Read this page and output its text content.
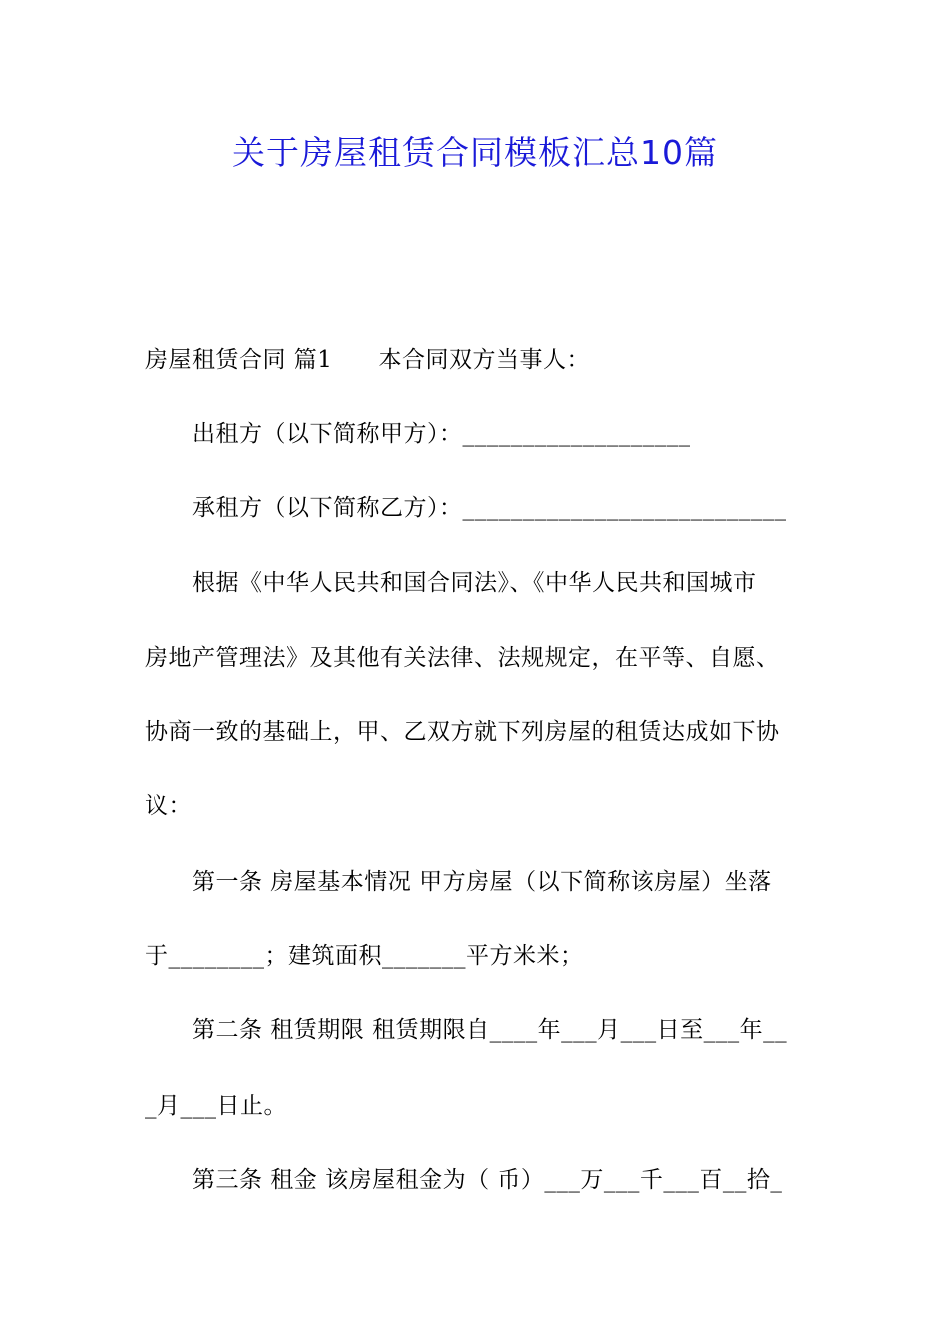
关于房屋租赁合同模板汇总10篇
房屋租赁合同 篇1 本合同双方当事人：
出租方（以下简称甲方）：___________________
承租方（以下简称乙方）：___________________________
根据《中华人民共和国合同法》、《中华人民共和国城市
房地产管理法》及其他有关法律、法规规定，在平等、自愿、
协商一致的基础上，甲、乙双方就下列房屋的租赁达成如下协
议：
第一条 房屋基本情况 甲方房屋（以下简称该房屋）坐落
于________；建筑面积_______平方米米；
第二条 租赁期限 租赁期限自____年___月___日至___年__
_月___日止。
第三条 租金 该房屋租金为（ 币）___万___千___百__拾_
